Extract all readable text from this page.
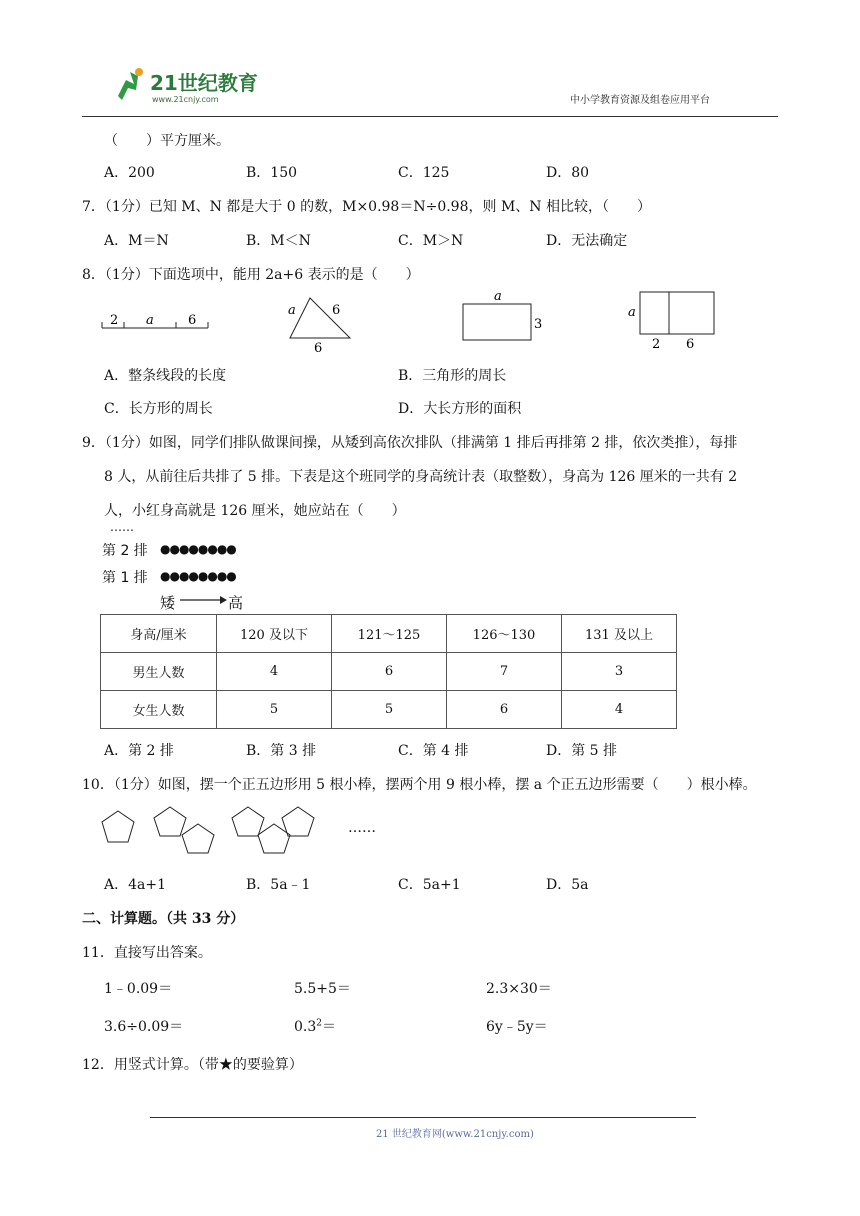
21世纪教育
www.21cnjy.com	中小学教育资源及组卷应用平台
（　　）平方厘米。
A．200	B．150	C．125	D．80
7．（1分）已知 M、N 都是大于 0 的数，M×0.98＝N÷0.98，则 M、N 相比较，（　　）
A．M＝N	B．M＜N	C．M＞N	D．无法确定
8．（1分）下面选项中，能用 2a+6 表示的是（　　）
2 a	6
a	6
6
a
3
a
2 6
A．整条线段的长度	B．三角形的周长
C．长方形的周长	D．大长方形的面积
9．（1分）如图，同学们排队做课间操，从矮到高依次排队（排满第 1 排后再排第 2 排，依次类推），每排
8 人，从前往后共排了 5 排。下表是这个班同学的身高统计表（取整数），身高为 126 厘米的一共有 2
人，小红身高就是 126 厘米，她应站在（　　）
……
第 2 排 ●●●●●●●●
第 1 排 ●●●●●●●●
矮	高
身高/厘米	120 及以下	121～125	126～130	131 及以上
男生人数	4	6	7	3
女生人数	5	5	6	4
A．第 2 排	B．第 3 排	C．第 4 排	D．第 5 排
10．（1分）如图，摆一个正五边形用 5 根小棒，摆两个用 9 根小棒，摆 a 个正五边形需要（　　）根小棒。
……
A．4a+1	B．5a﹣1	C．5a+1	D．5a
二、计算题。（共 33 分）
11．直接写出答案。
1﹣0.09＝	5.5+5＝	2.3×30＝
3.6÷0.09＝	$0.3^2=$	6y﹣5y＝
12．用竖式计算。（带★的要验算）
21 世纪教育网(www.21cnjy.com)
